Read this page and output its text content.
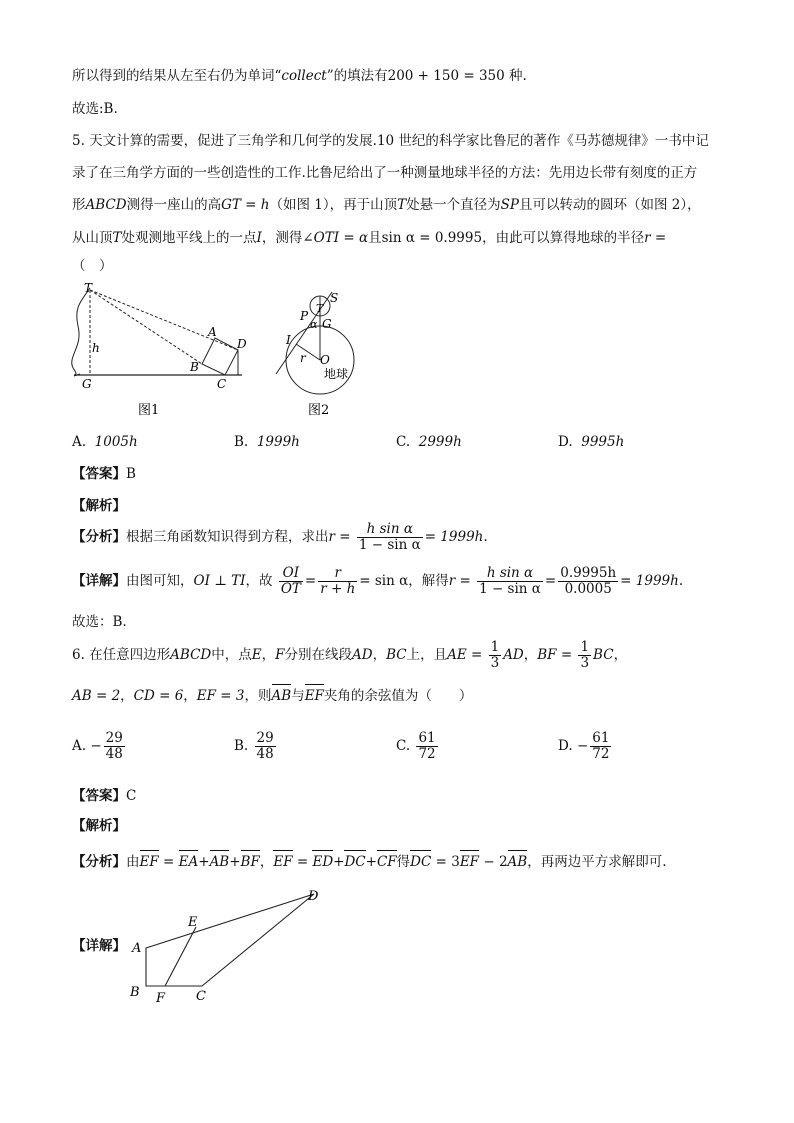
所以得到的结果从左至右仍为单词“collect”的填法有200 + 150 = 350 种.
故选:B.
5. 天文计算的需要，促进了三角学和几何学的发展.10 世纪的科学家比鲁尼的著作《马苏德规律》一书中记
录了在三角学方面的一些创造性的工作.比鲁尼给出了一种测量地球半径的方法：先用边长带有刻度的正方
形ABCD测得一座山的高GT = h（如图 1），再于山顶T处悬一个直径为SP且可以转动的圆环（如图 2），
从山顶T处观测地平线上的一点I，测得∠OTI = α且sin α = 0.9995，由此可以算得地球的半径r =
（　）
T
h
G
A
D
B
C
图1
S
P
α G
T
I
r O
地球
图2
A. 1005h	B. 1999h	C. 2999h	D. 9995h
【答案】B
【解析】
【分析】根据三角函数知识得到方程，求出$r = \frac{\text{h sin α}}{\text{1 − sin α}} = 1999h$.
【详解】由图可知，OI ⊥ TI，故 $\frac{OI}{OT} = \frac{r}{r + h} = \sin \alpha$，解得$r = \frac{\text{h sin α}}{\text{1 − sin α}} = \frac{0.9995h}{0.0005} = 1999h$.
故选：B.
6. 在任意四边形ABCD中，点E，F分别在线段AD，BC上，且AE = $\frac{1}{3}$ AD，BF = $\frac{1}{3}$ BC，
AB = 2，CD = 6，EF = 3，则AB与EF夹角的余弦值为（　　）
A. − $\frac{29}{48}$	B. $\frac{29}{48}$	C. $\frac{61}{72}$	D. − $\frac{61}{72}$
【答案】C
【解析】
【分析】由EF = EA+AB+BF，EF = ED+DC+CF得DC = 3EF − 2AB，再两边平方求解即可.
【详解】 A
B F C
E
D
